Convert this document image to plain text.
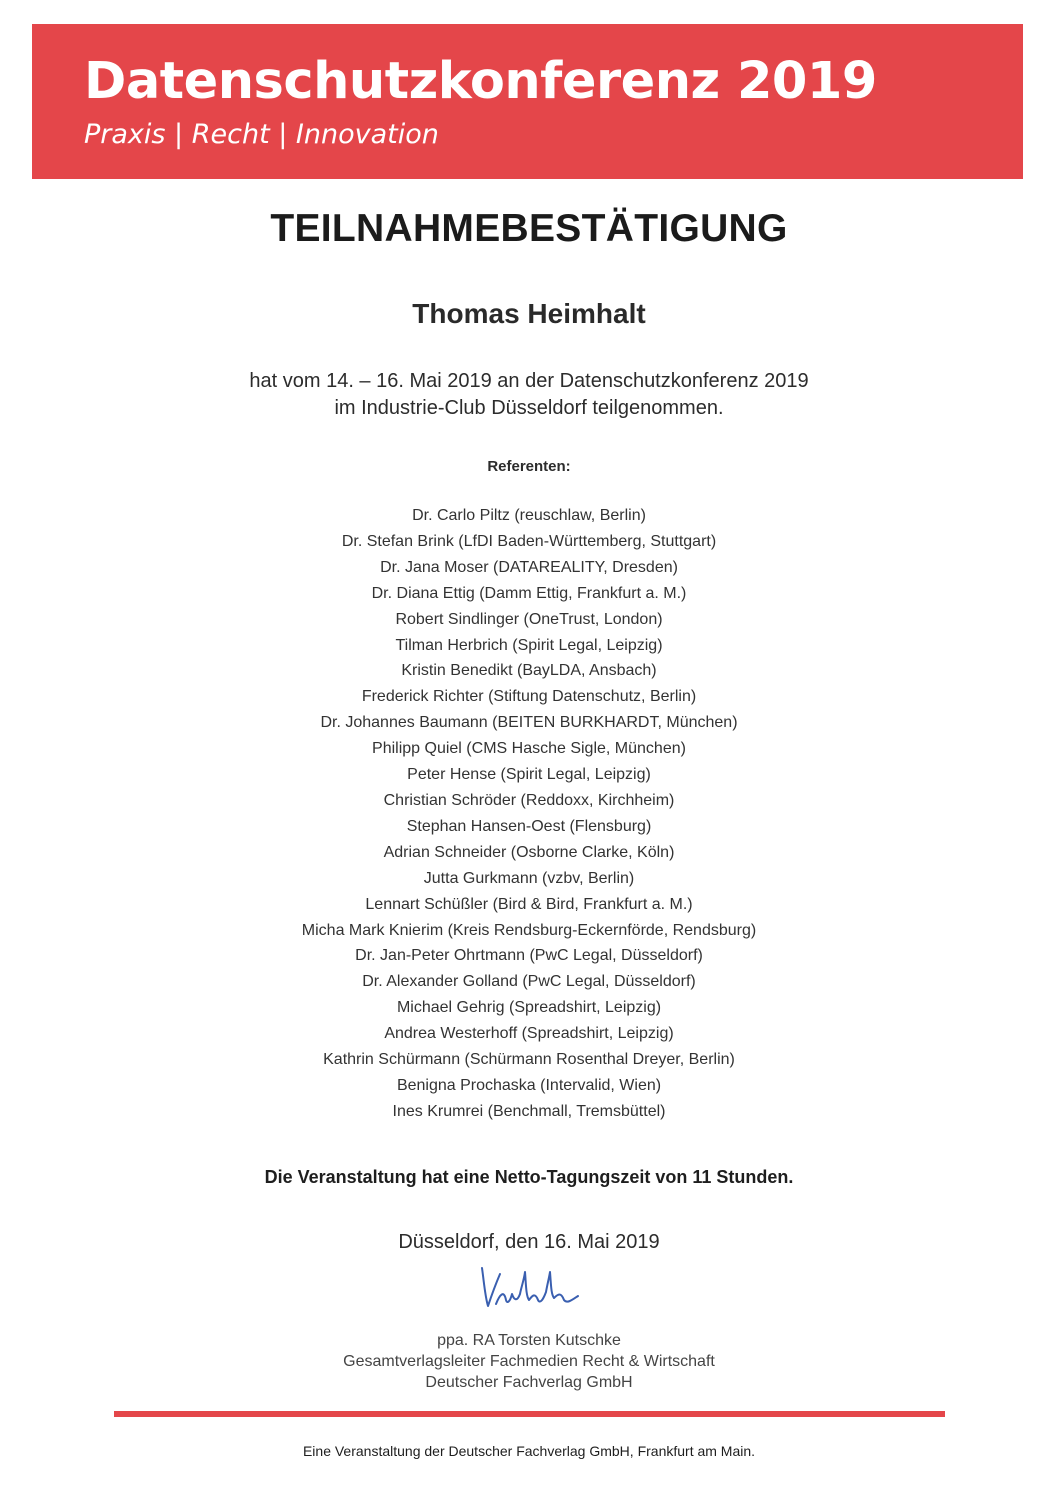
Datenschutzkonferenz 2019
Praxis | Recht | Innovation
TEILNAHMEBESTÄTIGUNG
Thomas Heimhalt
hat vom 14. – 16. Mai 2019 an der Datenschutzkonferenz 2019
im Industrie-Club Düsseldorf teilgenommen.
Referenten:
Dr. Carlo Piltz (reuschlaw, Berlin)
Dr. Stefan Brink (LfDI Baden-Württemberg, Stuttgart)
Dr. Jana Moser (DATAREALITY, Dresden)
Dr. Diana Ettig (Damm Ettig, Frankfurt a. M.)
Robert Sindlinger (OneTrust, London)
Tilman Herbrich (Spirit Legal, Leipzig)
Kristin Benedikt (BayLDA, Ansbach)
Frederick Richter (Stiftung Datenschutz, Berlin)
Dr. Johannes Baumann (BEITEN BURKHARDT, München)
Philipp Quiel (CMS Hasche Sigle, München)
Peter Hense (Spirit Legal, Leipzig)
Christian Schröder (Reddoxx, Kirchheim)
Stephan Hansen-Oest (Flensburg)
Adrian Schneider (Osborne Clarke, Köln)
Jutta Gurkmann (vzbv, Berlin)
Lennart Schüßler (Bird & Bird, Frankfurt a. M.)
Micha Mark Knierim (Kreis Rendsburg-Eckernförde, Rendsburg)
Dr. Jan-Peter Ohrtmann (PwC Legal, Düsseldorf)
Dr. Alexander Golland (PwC Legal, Düsseldorf)
Michael Gehrig (Spreadshirt, Leipzig)
Andrea Westerhoff (Spreadshirt, Leipzig)
Kathrin Schürmann (Schürmann Rosenthal Dreyer, Berlin)
Benigna Prochaska (Intervalid, Wien)
Ines Krumrei (Benchmall, Tremsbüttel)
Die Veranstaltung hat eine Netto-Tagungszeit von 11 Stunden.
Düsseldorf, den 16. Mai 2019
ppa. RA Torsten Kutschke
Gesamtverlagsleiter Fachmedien Recht & Wirtschaft
Deutscher Fachverlag GmbH
Eine Veranstaltung der Deutscher Fachverlag GmbH, Frankfurt am Main.
